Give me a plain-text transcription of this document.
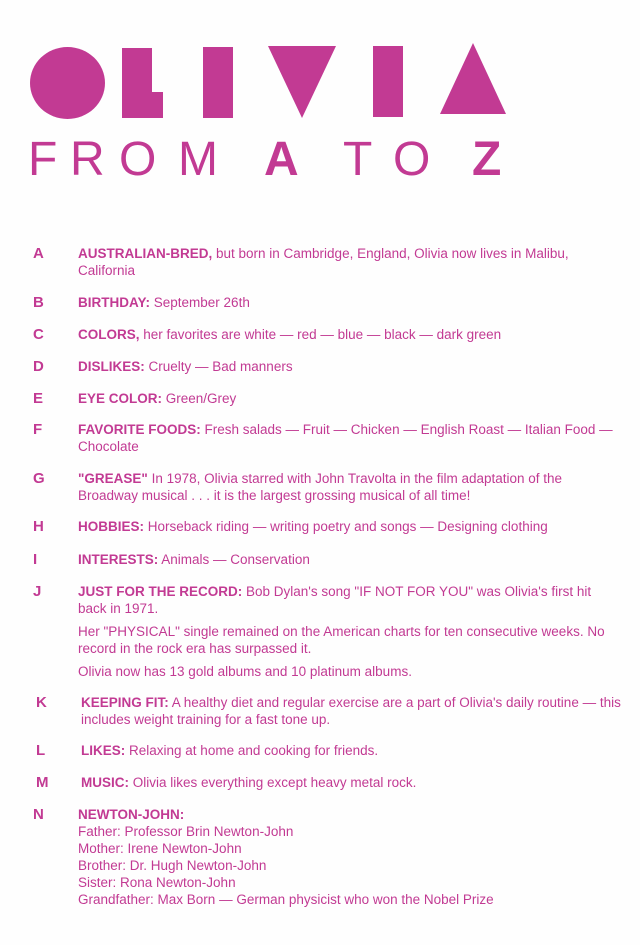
F R O M A T O Z
A	AUSTRALIAN-BRED, but born in Cambridge, England, Olivia now lives in Malibu, California
B	BIRTHDAY: September 26th
C	COLORS, her favorites are white — red — blue — black — dark green
D	DISLIKES: Cruelty — Bad manners
E	EYE COLOR: Green/Grey
F	FAVORITE FOODS: Fresh salads — Fruit — Chicken — English Roast — Italian Food — Chocolate
G "GREASE" In 1978, Olivia starred with John Travolta in the film adaptation of the Broadway musical . . . it is the largest grossing musical of all time!
H	HOBBIES: Horseback riding — writing poetry and songs — Designing clothing
I	INTERESTS: Animals — Conservation
J	JUST FOR THE RECORD: Bob Dylan's song "IF NOT FOR YOU" was Olivia's first hit back in 1971.
Her "PHYSICAL" single remained on the American charts for ten consecutive weeks. No record in the rock era has surpassed it.
Olivia now has 13 gold albums and 10 platinum albums.
K	KEEPING FIT: A healthy diet and regular exercise are a part of Olivia's daily routine — this includes weight training for a fast tone up.
L	LIKES: Relaxing at home and cooking for friends.
M MUSIC: Olivia likes everything except heavy metal rock.
N	NEWTON-JOHN:
Father: Professor Brin Newton-John
Mother: Irene Newton-John
Brother: Dr. Hugh Newton-John
Sister: Rona Newton-John
Grandfather: Max Born — German physicist who won the Nobel Prize
